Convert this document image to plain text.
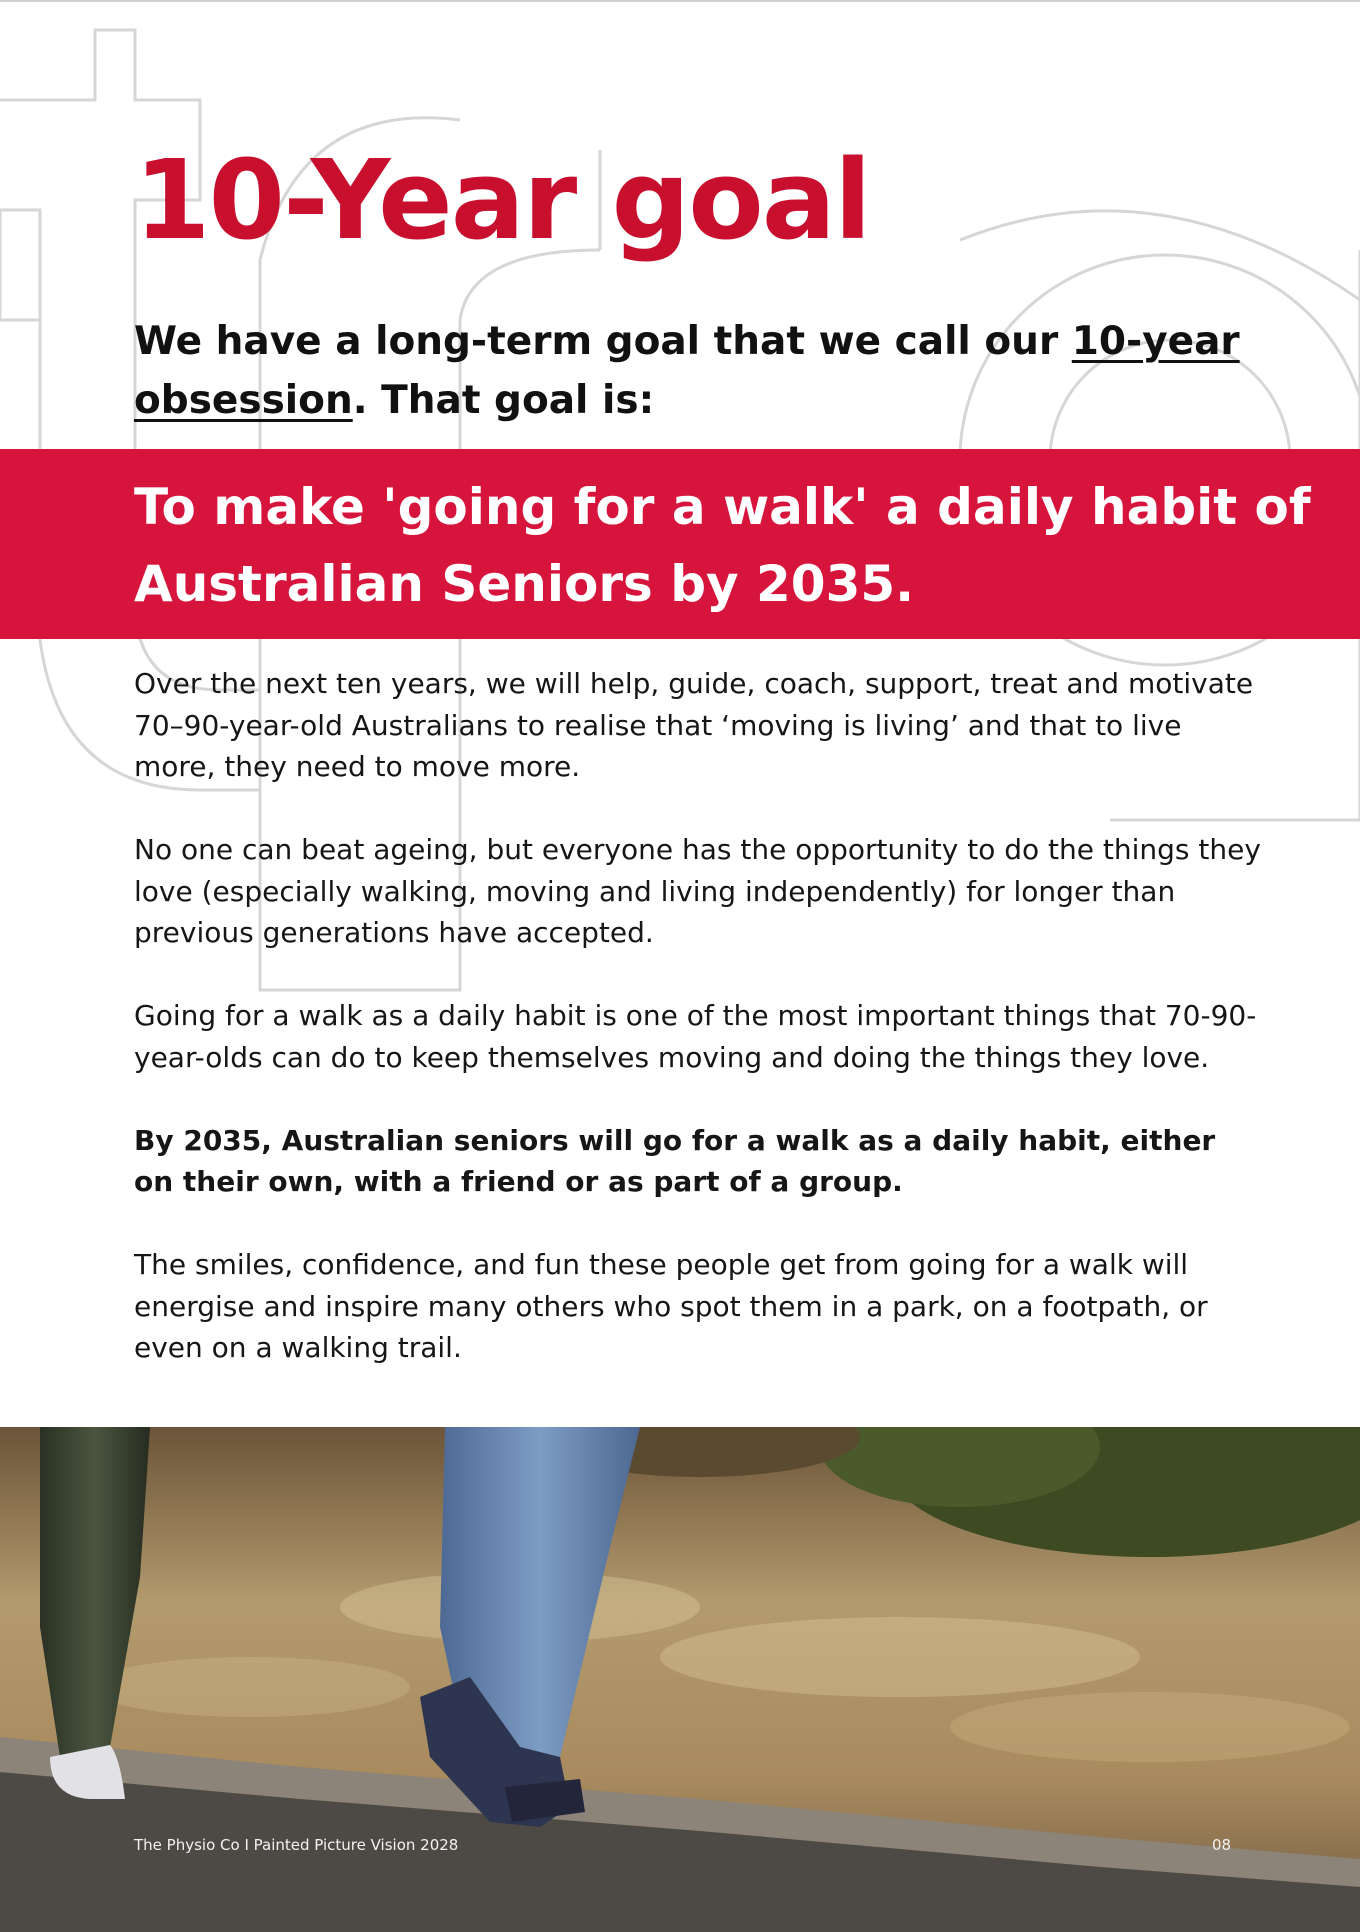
10-Year goal

We have a long-term goal that we call our 10-year obsession. That goal is:

To make 'going for a walk' a daily habit of Australian Seniors by 2035.

Over the next ten years, we will help, guide, coach, support, treat and motivate 70–90-year-old Australians to realise that ‘moving is living’ and that to live more, they need to move more.

No one can beat ageing, but everyone has the opportunity to do the things they love (especially walking, moving and living independently) for longer than previous generations have accepted.

Going for a walk as a daily habit is one of the most important things that 70-90-year-olds can do to keep themselves moving and doing the things they love.

By 2035, Australian seniors will go for a walk as a daily habit, either on their own, with a friend or as part of a group.

The smiles, confidence, and fun these people get from going for a walk will energise and inspire many others who spot them in a park, on a footpath, or even on a walking trail.

The Physio Co I Painted Picture Vision 2028	08
